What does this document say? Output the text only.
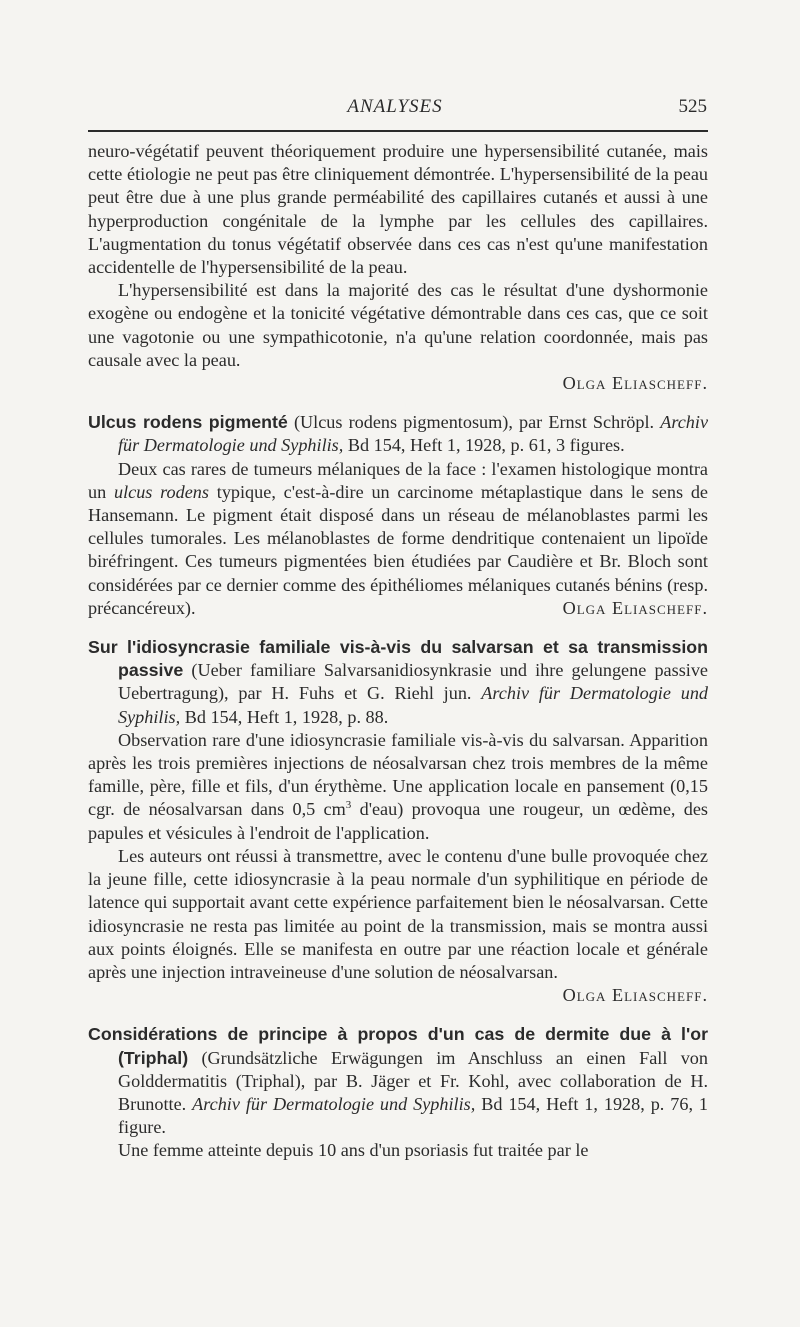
ANALYSES	525

neuro-végétatif peuvent théoriquement produire une hypersensibilité cutanée, mais cette étiologie ne peut pas être cliniquement démontrée. L'hypersensibilité de la peau peut être due à une plus grande perméabilité des capillaires cutanés et aussi à une hyperproduction congénitale de la lymphe par les cellules des capillaires. L'augmentation du tonus végétatif observée dans ces cas n'est qu'une manifestation accidentelle de l'hypersensibilité de la peau.

L'hypersensibilité est dans la majorité des cas le résultat d'une dyshormonie exogène ou endogène et la tonicité végétative démontrable dans ces cas, que ce soit une vagotonie ou une sympathicotonie, n'a qu'une relation coordonnée, mais pas causale avec la peau.

Olga Eliascheff.

Ulcus rodens pigmenté (Ulcus rodens pigmentosum), par Ernst Schröpl. Archiv für Dermatologie und Syphilis, Bd 154, Heft 1, 1928, p. 61, 3 figures.

Deux cas rares de tumeurs mélaniques de la face : l'examen histologique montra un ulcus rodens typique, c'est-à-dire un carcinome métaplastique dans le sens de Hansemann. Le pigment était disposé dans un réseau de mélanoblastes parmi les cellules tumorales. Les mélanoblastes de forme dendritique contenaient un lipoïde biréfringent. Ces tumeurs pigmentées bien étudiées par Caudière et Br. Bloch sont considérées par ce dernier comme des épithéliomes mélaniques cutanés bénins (resp. précancéreux).	Olga Eliascheff.

Sur l'idiosyncrasie familiale vis-à-vis du salvarsan et sa transmission passive (Ueber familiare Salvarsanidiosynkrasie und ihre gelungene passive Uebertragung), par H. Fuhs et G. Riehl jun. Archiv für Dermatologie und Syphilis, Bd 154, Heft 1, 1928, p. 88.

Observation rare d'une idiosyncrasie familiale vis-à-vis du salvarsan. Apparition après les trois premières injections de néosalvarsan chez trois membres de la même famille, père, fille et fils, d'un érythème. Une application locale en pansement (0,15 cgr. de néosalvarsan dans 0,5 $cm^3$ d'eau) provoqua une rougeur, un œdème, des papules et vésicules à l'endroit de l'application.

Les auteurs ont réussi à transmettre, avec le contenu d'une bulle provoquée chez la jeune fille, cette idiosyncrasie à la peau normale d'un syphilitique en période de latence qui supportait avant cette expérience parfaitement bien le néosalvarsan. Cette idiosyncrasie ne resta pas limitée au point de la transmission, mais se montra aussi aux points éloignés. Elle se manifesta en outre par une réaction locale et générale après une injection intraveineuse d'une solution de néosalvarsan.

Olga Eliascheff.

Considérations de principe à propos d'un cas de dermite due à l'or (Triphal) (Grundsätzliche Erwägungen im Anschluss an einen Fall von Golddermatitis (Triphal), par B. Jäger et Fr. Kohl, avec collaboration de H. Brunotte. Archiv für Dermatologie und Syphilis, Bd 154, Heft 1, 1928, p. 76, 1 figure.

Une femme atteinte depuis 10 ans d'un psoriasis fut traitée par le
